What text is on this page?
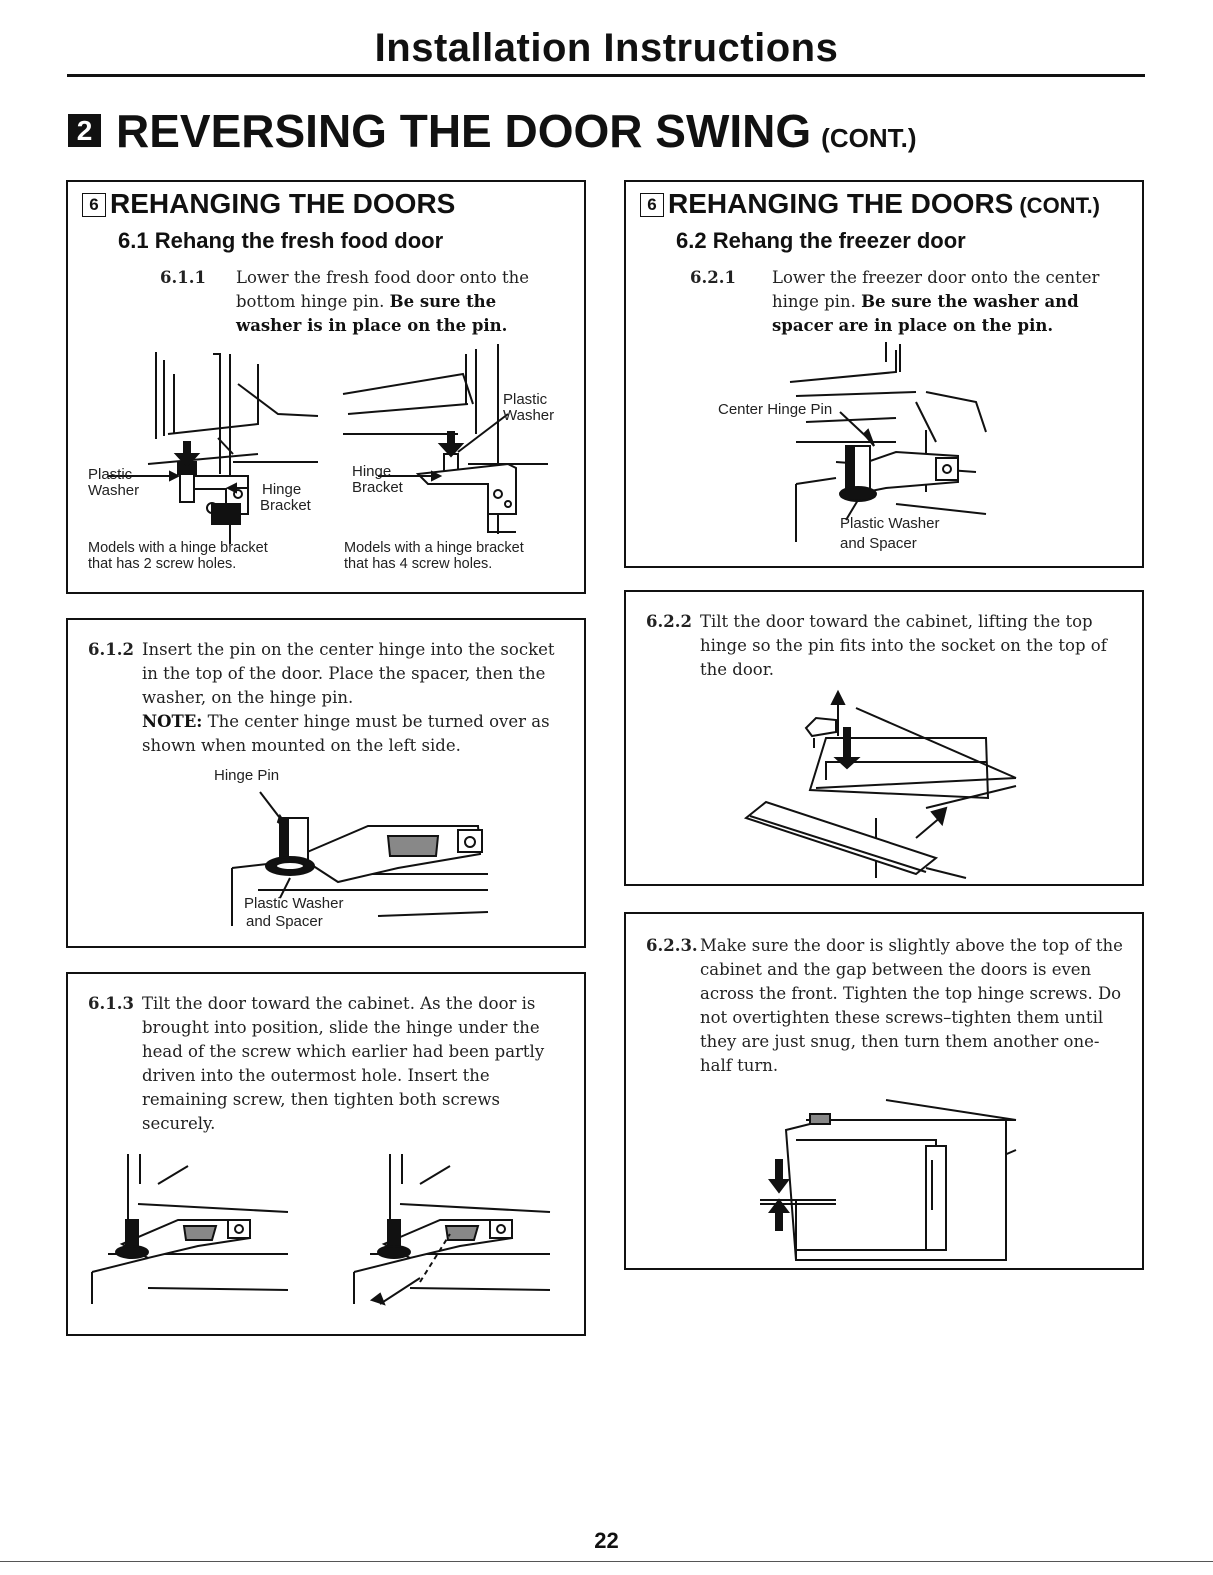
Installation Instructions
2 REVERSING THE DOOR SWING (CONT.)
6 REHANGING THE DOORS
6.1 Rehang the fresh food door
6.1.1 Lower the fresh food door onto the bottom hinge pin. Be sure the washer is in place on the pin.
Plastic
Washer	Hinge
Bracket
Models with a hinge bracket
that has 2 screw holes.
Plastic
Washer
Hinge
Bracket
Models with a hinge bracket
that has 4 screw holes.
6.1.2 Insert the pin on the center hinge into the socket in the top of the door. Place the spacer, then the washer, on the hinge pin.
NOTE: The center hinge must be turned over as shown when mounted on the left side.
Hinge Pin
Plastic Washer
and Spacer
6.1.3 Tilt the door toward the cabinet. As the door is brought into position, slide the hinge under the head of the screw which earlier had been partly driven into the outermost hole. Insert the remaining screw, then tighten both screws securely.
6 REHANGING THE DOORS (CONT.)
6.2 Rehang the freezer door
6.2.1 Lower the freezer door onto the center hinge pin. Be sure the washer and spacer are in place on the pin.
Center Hinge Pin
Plastic Washer
and Spacer
6.2.2 Tilt the door toward the cabinet, lifting the top hinge so the pin fits into the socket on the top of the door.
6.2.3. Make sure the door is slightly above the top of the cabinet and the gap between the doors is even across the front. Tighten the top hinge screws. Do not overtighten these screws–tighten them until they are just snug, then turn them another one-half turn.
22
